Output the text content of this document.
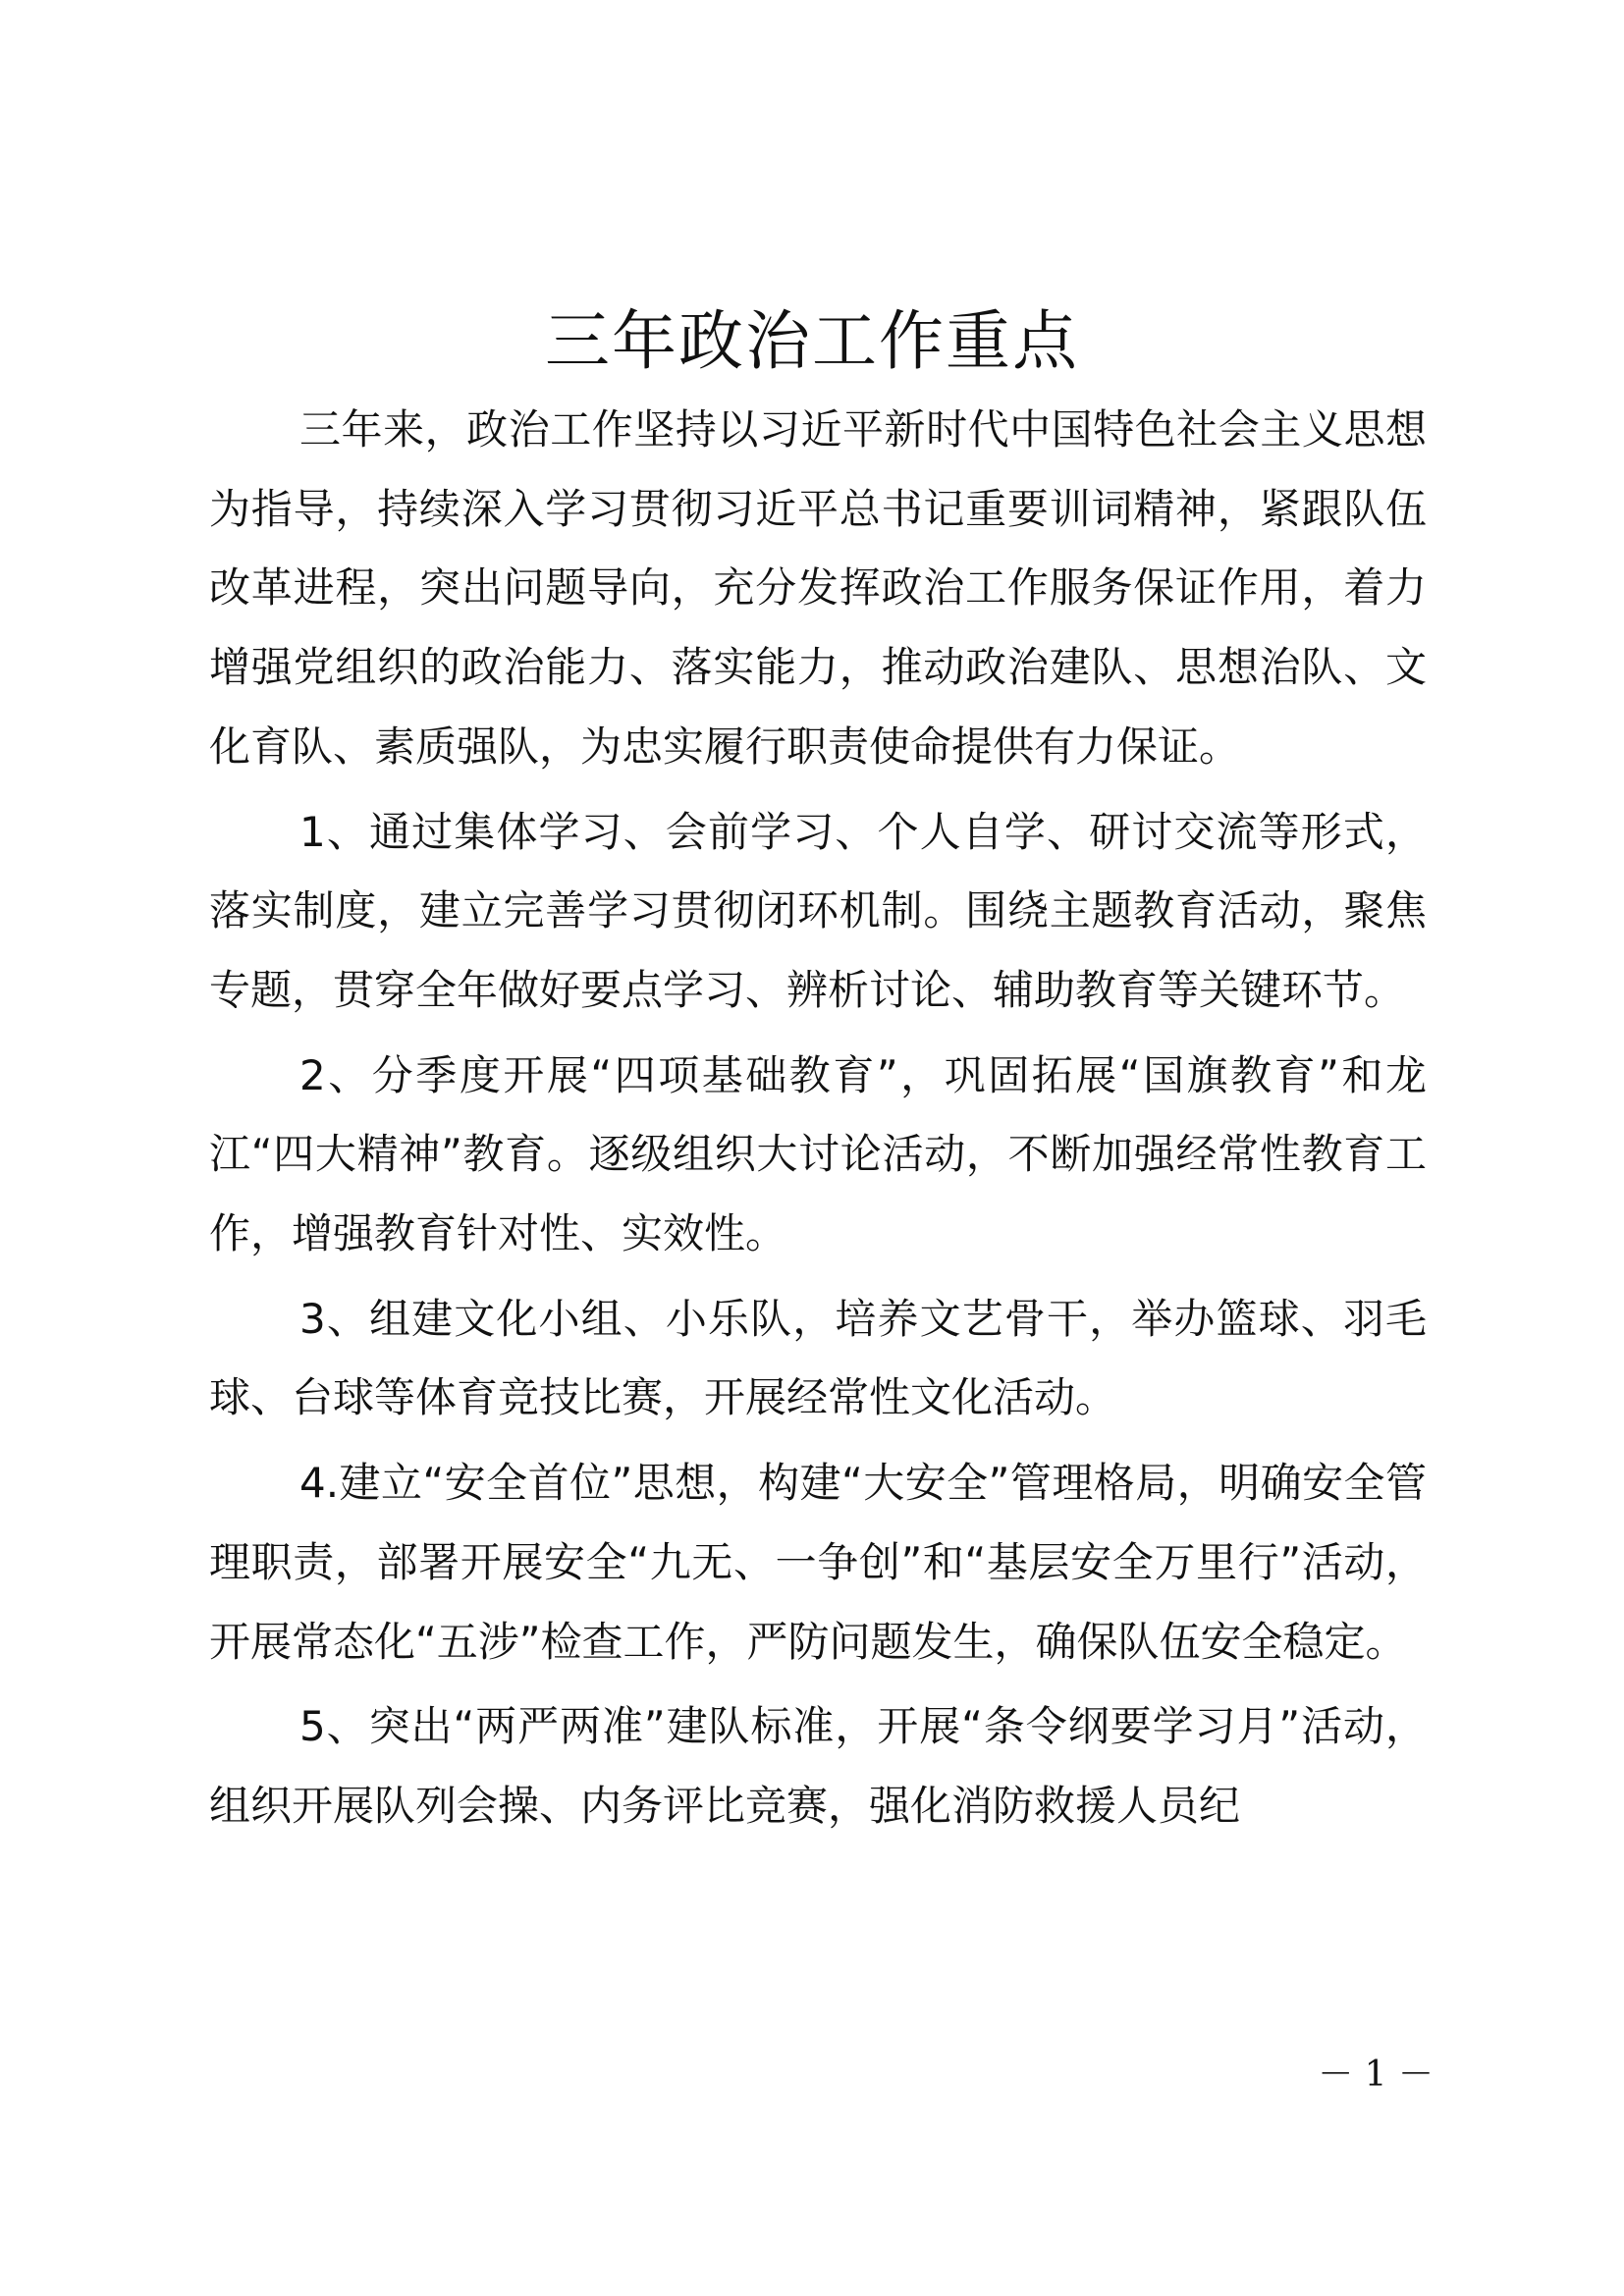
三年政治工作重点

三年来，政治工作坚持以习近平新时代中国特色社会主义思想为指导，持续深入学习贯彻习近平总书记重要训词精神，紧跟队伍改革进程，突出问题导向，充分发挥政治工作服务保证作用，着力增强党组织的政治能力、落实能力，推动政治建队、思想治队、文化育队、素质强队，为忠实履行职责使命提供有力保证。

1、通过集体学习、会前学习、个人自学、研讨交流等形式，落实制度，建立完善学习贯彻闭环机制。围绕主题教育活动，聚焦专题，贯穿全年做好要点学习、辨析讨论、辅助教育等关键环节。

2、分季度开展“四项基础教育”，巩固拓展“国旗教育”和龙江“四大精神”教育。逐级组织大讨论活动，不断加强经常性教育工作，增强教育针对性、实效性。

3、组建文化小组、小乐队，培养文艺骨干，举办篮球、羽毛球、台球等体育竞技比赛，开展经常性文化活动。

4.建立“安全首位”思想，构建“大安全”管理格局，明确安全管理职责，部署开展安全“九无、一争创”和“基层安全万里行”活动，开展常态化“五涉”检查工作，严防问题发生，确保队伍安全稳定。

5、突出“两严两准”建队标准，开展“条令纲要学习月”活动，组织开展队列会操、内务评比竞赛，强化消防救援人员纪

－ 1 －
